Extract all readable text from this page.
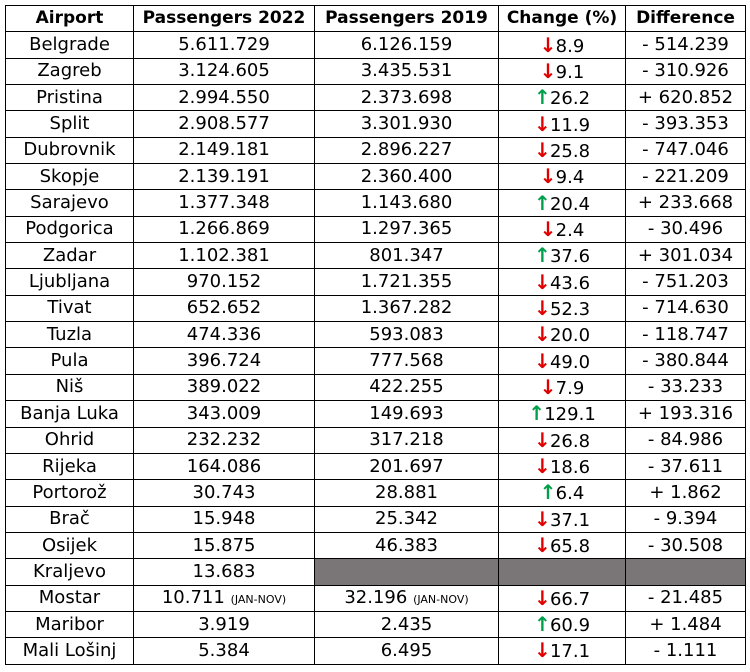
Airport	Passengers 2022	Passengers 2019	Change (%)	Difference
Belgrade	5.611.729	6.126.159	↓8.9	- 514.239
Zagreb	3.124.605	3.435.531	↓9.1	- 310.926
Pristina	2.994.550	2.373.698	↑26.2	+ 620.852
Split	2.908.577	3.301.930	↓11.9	- 393.353
Dubrovnik	2.149.181	2.896.227	↓25.8	- 747.046
Skopje	2.139.191	2.360.400	↓9.4	- 221.209
Sarajevo	1.377.348	1.143.680	↑20.4	+ 233.668
Podgorica	1.266.869	1.297.365	↓2.4	- 30.496
Zadar	1.102.381	801.347	↑37.6	+ 301.034
Ljubljana	970.152	1.721.355	↓43.6	- 751.203
Tivat	652.652	1.367.282	↓52.3	- 714.630
Tuzla	474.336	593.083	↓20.0	- 118.747
Pula	396.724	777.568	↓49.0	- 380.844
Niš	389.022	422.255	↓7.9	- 33.233
Banja Luka	343.009	149.693	↑129.1	+ 193.316
Ohrid	232.232	317.218	↓26.8	- 84.986
Rijeka	164.086	201.697	↓18.6	- 37.611
Portorož	30.743	28.881	↑6.4	+ 1.862
Brač	15.948	25.342	↓37.1	- 9.394
Osijek	15.875	46.383	↓65.8	- 30.508
Kraljevo	13.683			
Mostar	10.711 (JAN-NOV)	32.196 (JAN-NOV)	↓66.7	- 21.485
Maribor	3.919	2.435	↑60.9	+ 1.484
Mali Lošinj	5.384	6.495	↓17.1	- 1.111
